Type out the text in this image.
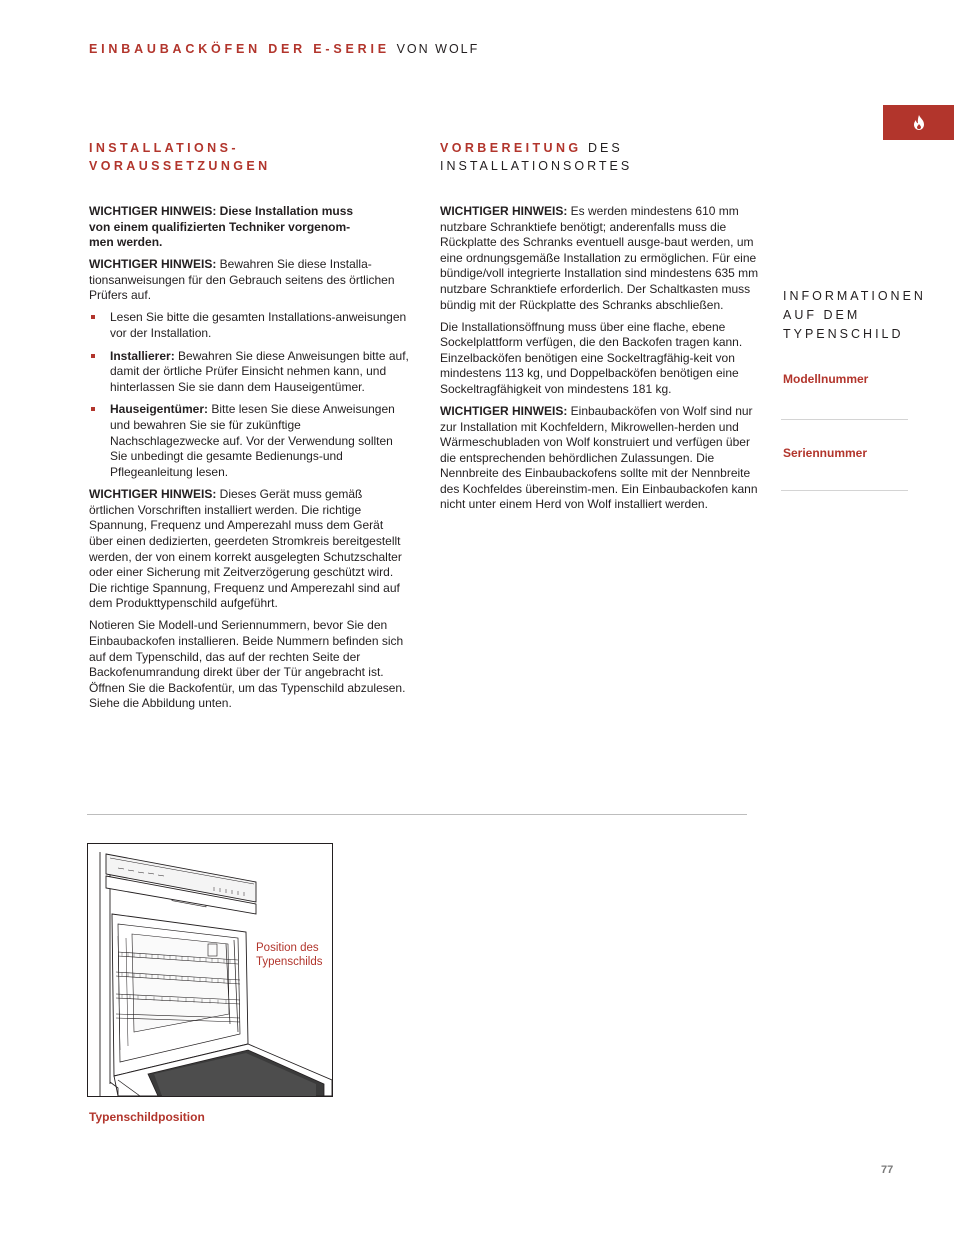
EINBAUBACKÖFEN DER E-SERIE VON WOLF
INSTALLATIONS-
VORAUSSETZUNGEN

WICHTIGER HINWEIS: Diese Installation muss
von einem qualifizierten Techniker vorgenom-
men werden.

WICHTIGER HINWEIS: Bewahren Sie diese Installa-tionsanweisungen für den Gebrauch seitens des örtlichen Prüfers auf.

Lesen Sie bitte die gesamten Installations-anweisungen vor der Installation.
Installierer: Bewahren Sie diese Anweisungen bitte auf, damit der örtliche Prüfer Einsicht nehmen kann, und hinterlassen Sie sie dann dem Hauseigentümer.
Hauseigentümer: Bitte lesen Sie diese Anweisungen und bewahren Sie sie für zukünftige Nachschlagezwecke auf. Vor der Verwendung sollten Sie unbedingt die gesamte Bedienungs-und Pflegeanleitung lesen.

WICHTIGER HINWEIS: Dieses Gerät muss gemäß örtlichen Vorschriften installiert werden. Die richtige Spannung, Frequenz und Amperezahl muss dem Gerät über einen dedizierten, geerdeten Stromkreis bereitgestellt werden, der von einem korrekt ausgelegten Schutzschalter oder einer Sicherung mit Zeitverzögerung geschützt wird. Die richtige Spannung, Frequenz und Amperezahl sind auf dem Produkttypenschild aufgeführt.

Notieren Sie Modell-und Seriennummern, bevor Sie den Einbaubackofen installieren. Beide Nummern befinden sich auf dem Typenschild, das auf der rechten Seite der Backofenumrandung direkt über der Tür angebracht ist. Öffnen Sie die Backofentür, um das Typenschild abzulesen. Siehe die Abbildung unten.

VORBEREITUNG DES
INSTALLATIONSORTES

WICHTIGER HINWEIS: Es werden mindestens 610 mm nutzbare Schranktiefe benötigt; anderenfalls muss die Rückplatte des Schranks eventuell ausge-baut werden, um eine ordnungsgemäße Installation zu ermöglichen. Für eine bündige/voll integrierte Installation sind mindestens 635 mm nutzbare Schranktiefe erforderlich. Der Schaltkasten muss bündig mit der Rückplatte des Schranks abschließen.

Die Installationsöffnung muss über eine flache, ebene Sockelplattform verfügen, die den Backofen tragen kann. Einzelbacköfen benötigen eine Sockeltragfähig-keit von mindestens 113 kg, und Doppelbacköfen benötigen eine Sockeltragfähigkeit von mindestens 181 kg.

WICHTIGER HINWEIS: Einbaubacköfen von Wolf sind nur zur Installation mit Kochfeldern, Mikrowellen-herden und Wärmeschubladen von Wolf konstruiert und verfügen über die entsprechenden behördlichen Zulassungen. Die Nennbreite des Einbaubackofens sollte mit der Nennbreite des Kochfeldes übereinstim-men. Ein Einbaubackofen kann nicht unter einem Herd von Wolf installiert werden.

INFORMATIONEN
AUF DEM
TYPENSCHILD
Modellnummer
Seriennummer
Position des
Typenschilds
Typenschildposition
77
